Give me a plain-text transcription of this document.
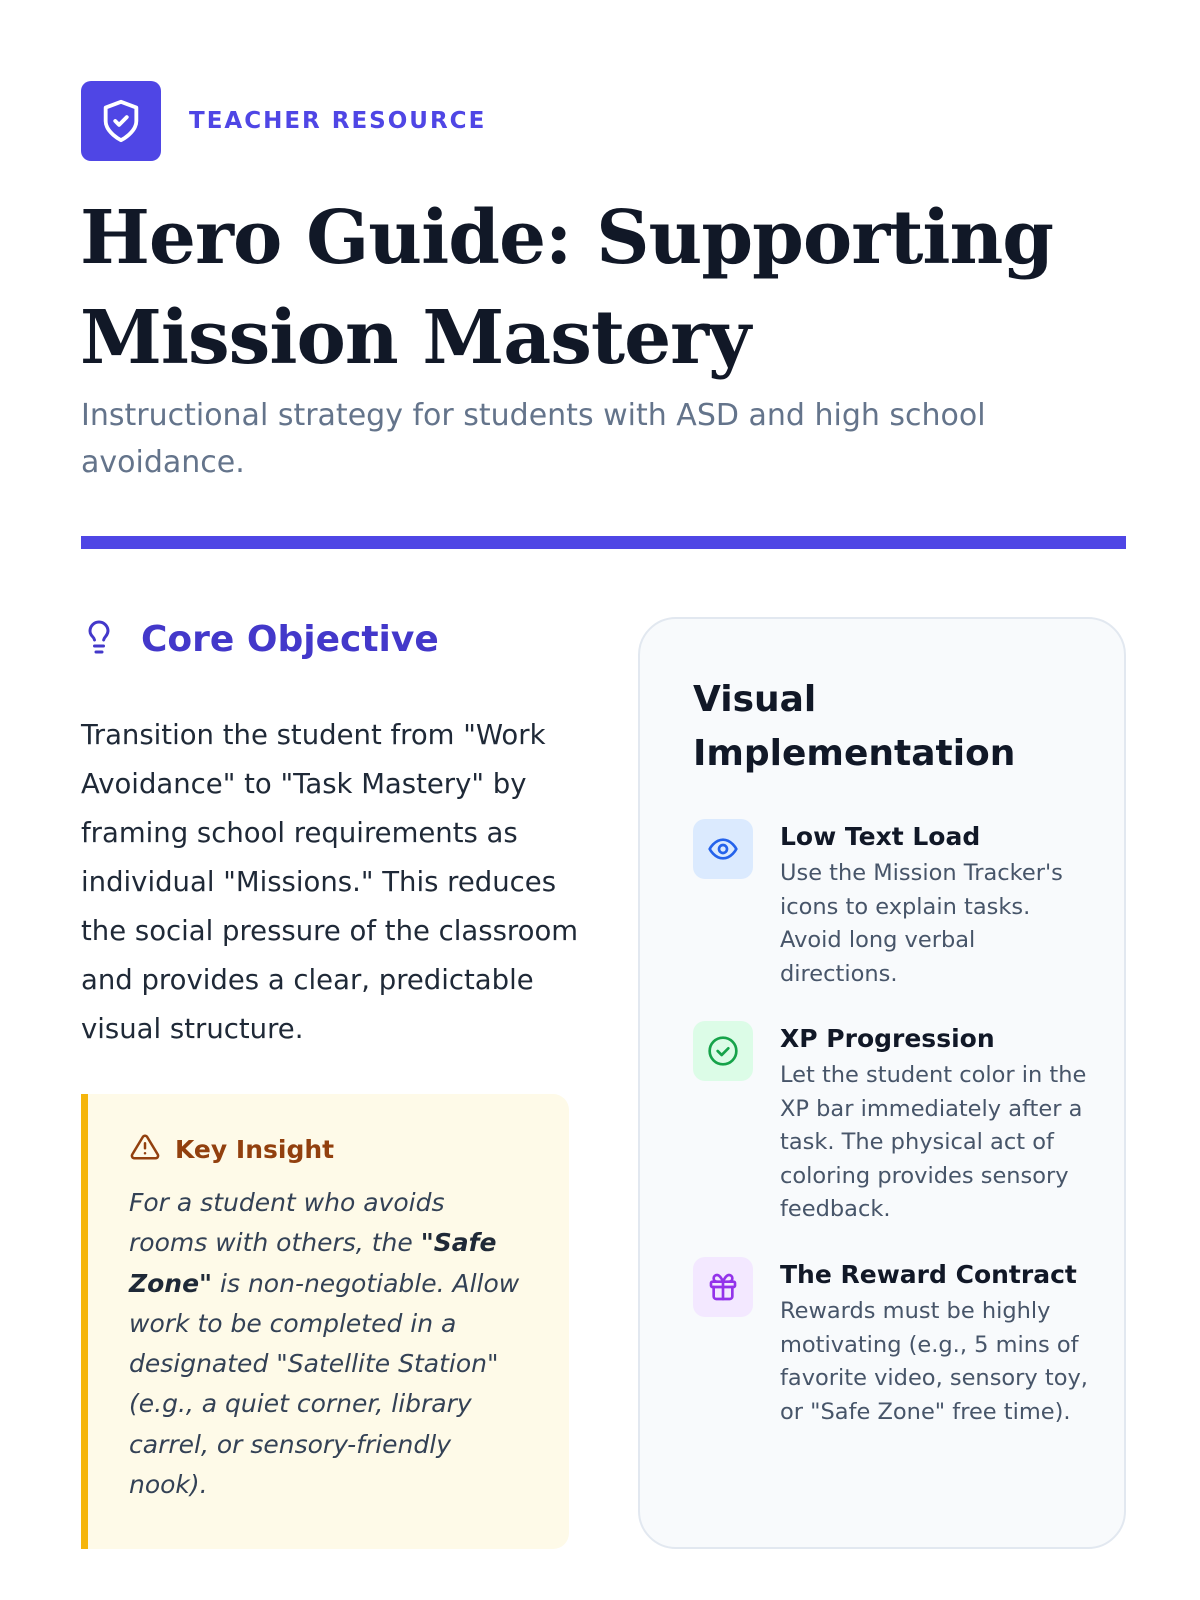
TEACHER RESOURCE
Hero Guide: Supporting Mission Mastery

Instructional strategy for students with ASD and high school avoidance.

Core Objective

Transition the student from "Work Avoidance" to "Task Mastery" by framing school requirements as individual "Missions." This reduces the social pressure of the classroom and provides a clear, predictable visual structure.

Key Insight

For a student who avoids rooms with others, the "Safe Zone" is non-negotiable. Allow work to be completed in a designated "Satellite Station" (e.g., a quiet corner, library carrel, or sensory-friendly nook).

Visual Implementation
Low Text Load
Use the Mission Tracker's icons to explain tasks. Avoid long verbal directions.
XP Progression
Let the student color in the XP bar immediately after a task. The physical act of coloring provides sensory feedback.
The Reward Contract
Rewards must be highly motivating (e.g., 5 mins of favorite video, sensory toy, or "Safe Zone" free time).
